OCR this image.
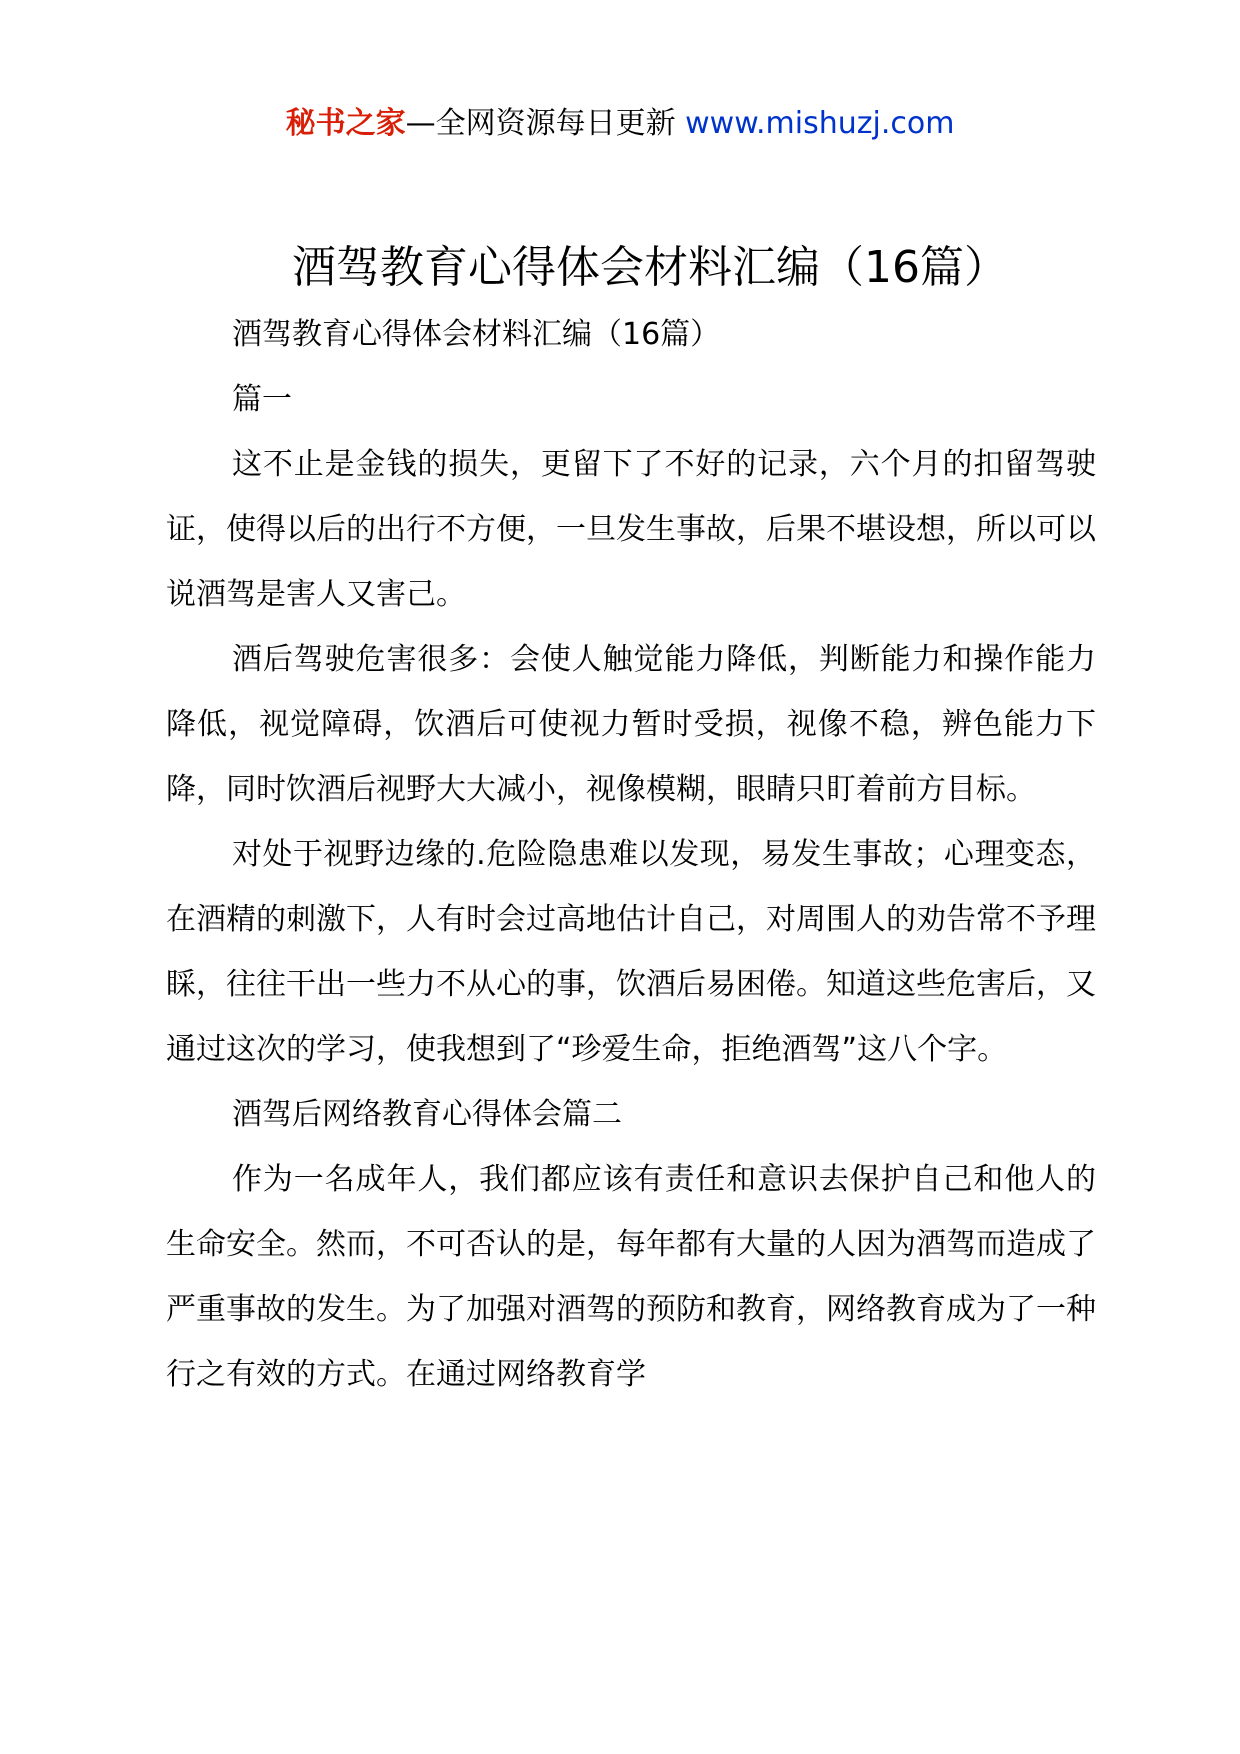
秘书之家—全网资源每日更新 www.mishuzj.com
酒驾教育心得体会材料汇编（16篇）

酒驾教育心得体会材料汇编（16篇）

篇一

这不止是金钱的损失，更留下了不好的记录，六个月的扣留驾驶证，使得以后的出行不方便，一旦发生事故，后果不堪设想，所以可以说酒驾是害人又害己。

酒后驾驶危害很多：会使人触觉能力降低，判断能力和操作能力降低，视觉障碍，饮酒后可使视力暂时受损，视像不稳，辨色能力下降，同时饮酒后视野大大减小，视像模糊，眼睛只盯着前方目标。

对处于视野边缘的.危险隐患难以发现，易发生事故；心理变态，在酒精的刺激下，人有时会过高地估计自己，对周围人的劝告常不予理睬，往往干出一些力不从心的事，饮酒后易困倦。知道这些危害后，又通过这次的学习，使我想到了“珍爱生命，拒绝酒驾”这八个字。

酒驾后网络教育心得体会篇二

作为一名成年人，我们都应该有责任和意识去保护自己和他人的生命安全。然而，不可否认的是，每年都有大量的人因为酒驾而造成了严重事故的发生。为了加强对酒驾的预防和教育，网络教育成为了一种行之有效的方式。在通过网络教育学
